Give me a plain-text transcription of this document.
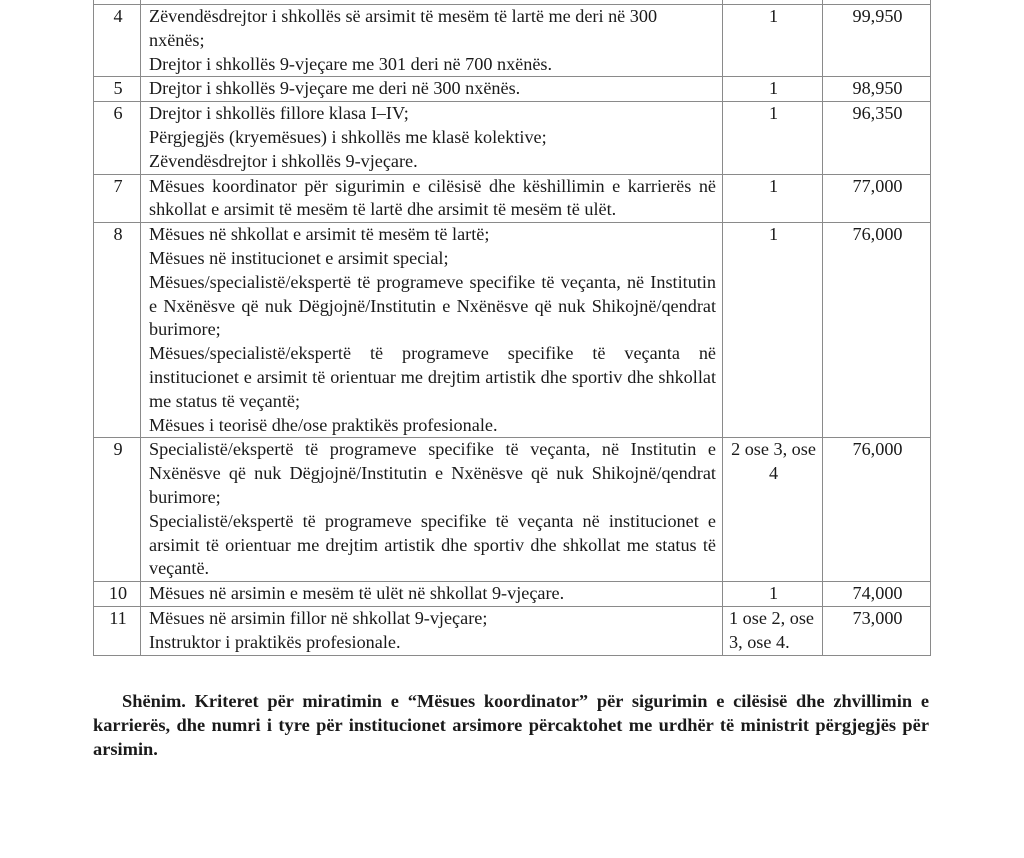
4	Zëvendësdrejtor i shkollës së arsimit të mesëm të lartë me deri në 300 nxënës;
Drejtor i shkollës 9-vjeçare me 301 deri në 700 nxënës.	1	99,950
5	Drejtor i shkollës 9-vjeçare me deri në 300 nxënës.	1	98,950
6	Drejtor i shkollës fillore klasa I–IV;
Përgjegjës (kryemësues) i shkollës me klasë kolektive;
Zëvendësdrejtor i shkollës 9-vjeçare.	1	96,350
7	Mësues koordinator për sigurimin e cilësisë dhe këshillimin e karrierës në shkollat e arsimit të mesëm të lartë dhe arsimit të mesëm të ulët.	1	77,000
8	Mësues në shkollat e arsimit të mesëm të lartë;
Mësues në institucionet e arsimit special;
Mësues/specialistë/ekspertë të programeve specifike të veçanta, në Institutin e Nxënësve që nuk Dëgjojnë/Institutin e Nxënësve që nuk Shikojnë/qendrat burimore;
Mësues/specialistë/ekspertë të programeve specifike të veçanta në institucionet e arsimit të orientuar me drejtim artistik dhe sportiv dhe shkollat me status të veçantë;
Mësues i teorisë dhe/ose praktikës profesionale.	1	76,000
9	Specialistë/ekspertë të programeve specifike të veçanta, në Institutin e Nxënësve që nuk Dëgjojnë/Institutin e Nxënësve që nuk Shikojnë/qendrat burimore;
Specialistë/ekspertë të programeve specifike të veçanta në institucionet e arsimit të orientuar me drejtim artistik dhe sportiv dhe shkollat me status të veçantë.	2 ose 3, ose 4	76,000
10	Mësues në arsimin e mesëm të ulët në shkollat 9-vjeçare.	1	74,000
11	Mësues në arsimin fillor në shkollat 9-vjeçare;
Instruktor i praktikës profesionale.	1 ose 2, ose 3, ose 4.	73,000

Shënim. Kriteret për miratimin e “Mësues koordinator” për sigurimin e cilësisë dhe zhvillimin e karrierës, dhe numri i tyre për institucionet arsimore përcaktohet me urdhër të ministrit përgjegjës për arsimin.
